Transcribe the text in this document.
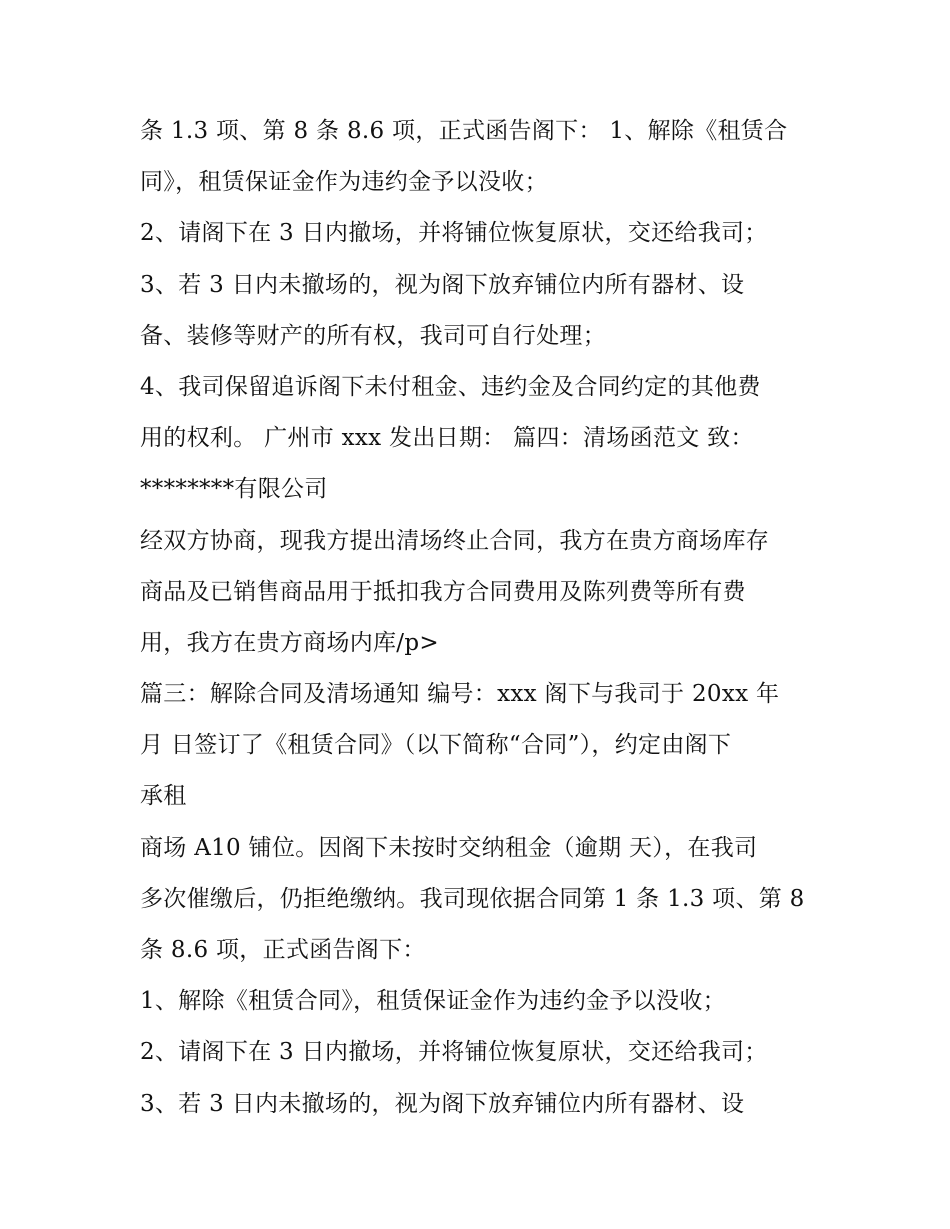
条 1.3 项、第 8 条 8.6 项，正式函告阁下： 1、解除《租赁合
同》，租赁保证金作为违约金予以没收；
2、请阁下在 3 日内撤场，并将铺位恢复原状，交还给我司；
3、若 3 日内未撤场的，视为阁下放弃铺位内所有器材、设
备、装修等财产的所有权，我司可自行处理；
4、我司保留追诉阁下未付租金、违约金及合同约定的其他费
用的权利。 广州市 xxx 发出日期： 篇四：清场函范文 致：
********有限公司
经双方协商，现我方提出清场终止合同，我方在贵方商场库存
商品及已销售商品用于抵扣我方合同费用及陈列费等所有费
用，我方在贵方商场内库/p>
篇三：解除合同及清场通知 编号：xxx 阁下与我司于 20xx 年
月 日签订了《租赁合同》（以下简称“合同”），约定由阁下
承租
商场 A10 铺位。因阁下未按时交纳租金（逾期 天），在我司
多次催缴后，仍拒绝缴纳。我司现依据合同第 1 条 1.3 项、第 8
条 8.6 项，正式函告阁下：
1、解除《租赁合同》，租赁保证金作为违约金予以没收；
2、请阁下在 3 日内撤场，并将铺位恢复原状，交还给我司；
3、若 3 日内未撤场的，视为阁下放弃铺位内所有器材、设
